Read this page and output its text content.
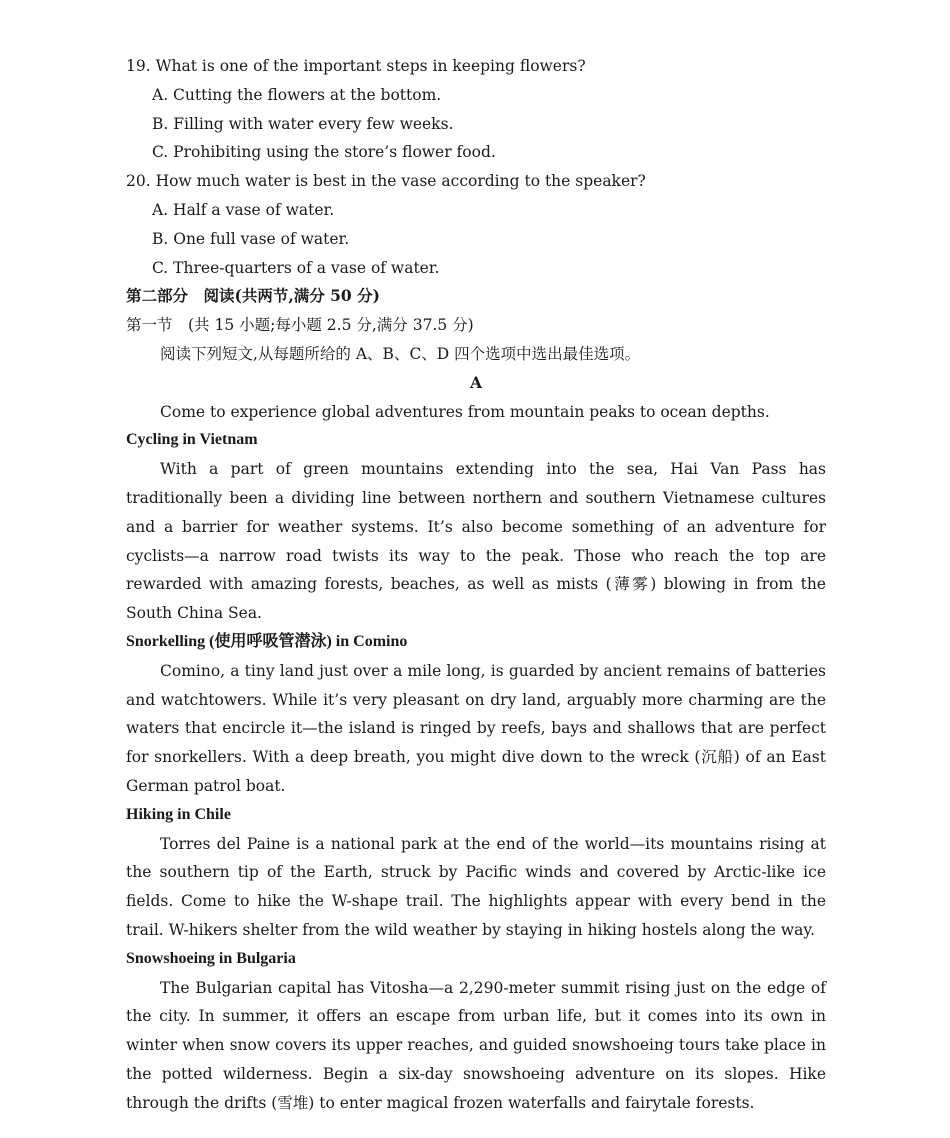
19. What is one of the important steps in keeping flowers?
A. Cutting the flowers at the bottom.
B. Filling with water every few weeks.
C. Prohibiting using the store’s flower food.
20. How much water is best in the vase according to the speaker?
A. Half a vase of water.
B. One full vase of water.
C. Three-quarters of a vase of water.
第二部分　阅读(共两节,满分 50 分)
第一节　(共 15 小题;每小题 2.5 分,满分 37.5 分)
阅读下列短文,从每题所给的 A、B、C、D 四个选项中选出最佳选项。
A
Come to experience global adventures from mountain peaks to ocean depths.
Cycling in Vietnam
With a part of green mountains extending into the sea, Hai Van Pass has traditionally been a dividing line between northern and southern Vietnamese cultures and a barrier for weather systems. It’s also become something of an adventure for cyclists—a narrow road twists its way to the peak. Those who reach the top are rewarded with amazing forests, beaches, as well as mists (薄雾) blowing in from the South China Sea.
Snorkelling (使用呼吸管潜泳) in Comino
Comino, a tiny land just over a mile long, is guarded by ancient remains of batteries and watchtowers. While it’s very pleasant on dry land, arguably more charming are the waters that encircle it—the island is ringed by reefs, bays and shallows that are perfect for snorkellers. With a deep breath, you might dive down to the wreck (沉船) of an East German patrol boat.
Hiking in Chile
Torres del Paine is a national park at the end of the world—its mountains rising at the southern tip of the Earth, struck by Pacific winds and covered by Arctic-like ice fields. Come to hike the W-shape trail. The highlights appear with every bend in the trail. W-hikers shelter from the wild weather by staying in hiking hostels along the way.
Snowshoeing in Bulgaria
The Bulgarian capital has Vitosha—a 2,290-meter summit rising just on the edge of the city. In summer, it offers an escape from urban life, but it comes into its own in winter when snow covers its upper reaches, and guided snowshoeing tours take place in the potted wilderness. Begin a six-day snowshoeing adventure on its slopes. Hike through the drifts (雪堆) to enter magical frozen waterfalls and fairytale forests.
